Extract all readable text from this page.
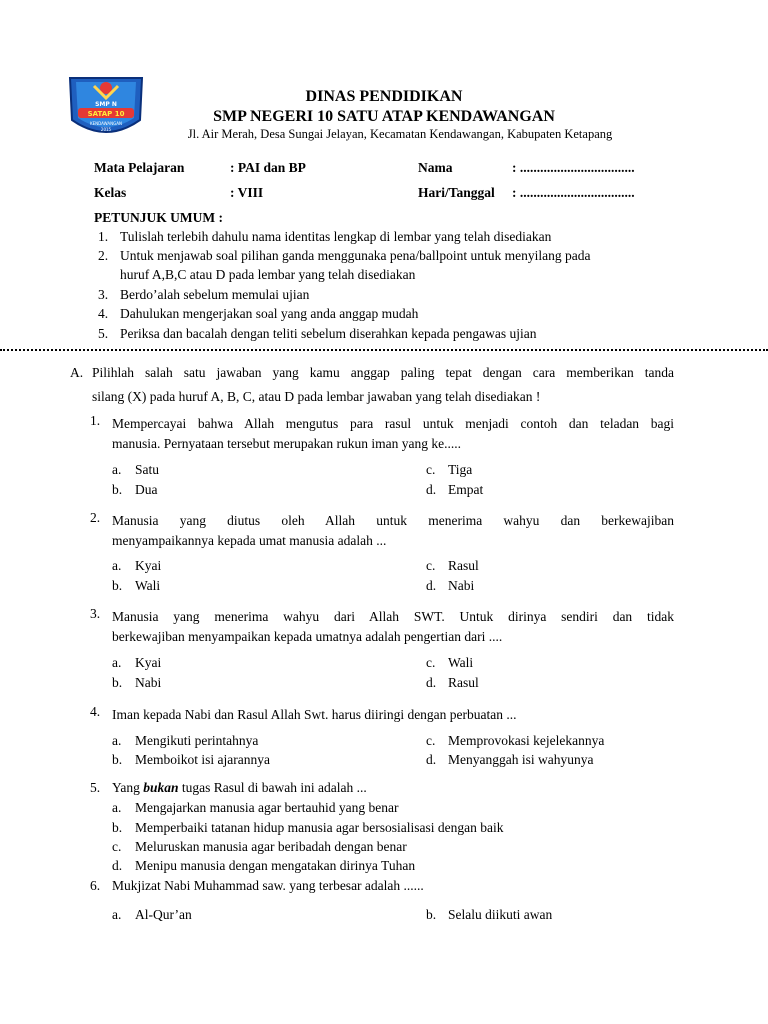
SMP N
SATAP 10
KENDAWANGAN
2015
DINAS PENDIDIKAN
SMP NEGERI 10 SATU ATAP KENDAWANGAN
Jl. Air Merah, Desa Sungai Jelayan, Kecamatan Kendawangan, Kabupaten Ketapang
Mata Pelajaran	: PAI dan BP	Nama	: ..................................
Kelas	: VIII	Hari/Tanggal : ..................................
PETUNJUK UMUM :
1. Tulislah terlebih dahulu nama identitas lengkap di lembar yang telah disediakan
2. Untuk menjawab soal pilihan ganda menggunaka pena/ballpoint untuk menyilang pada
huruf A,B,C atau D pada lembar yang telah disediakan
3. Berdo’alah sebelum memulai ujian
4. Dahulukan mengerjakan soal yang anda anggap mudah
5. Periksa dan bacalah dengan teliti sebelum diserahkan kepada pengawas ujian
A. Pilihlah salah satu jawaban yang kamu anggap paling tepat dengan cara memberikan tanda
silang (X) pada huruf A, B, C, atau D pada lembar jawaban yang telah disediakan !
1. Mempercayai bahwa Allah mengutus para rasul untuk menjadi contoh dan teladan bagi
manusia. Pernyataan tersebut merupakan rukun iman yang ke.....
a. Satu
b. Dua
c. Tiga
d. Empat
2. Manusia yang diutus oleh Allah untuk menerima wahyu dan berkewajiban
menyampaikannya kepada umat manusia adalah ...
a. Kyai
b. Wali
c. Rasul
d. Nabi
3. Manusia yang menerima wahyu dari Allah SWT. Untuk dirinya sendiri dan tidak
berkewajiban menyampaikan kepada umatnya adalah pengertian dari ....
a. Kyai
b. Nabi
c. Wali
d. Rasul
4. Iman kepada Nabi dan Rasul Allah Swt. harus diiringi dengan perbuatan ...
a. Mengikuti perintahnya
b. Memboikot isi ajarannya
c. Memprovokasi kejelekannya
d. Menyanggah isi wahyunya
5. Yang bukan tugas Rasul di bawah ini adalah ...
a. Mengajarkan manusia agar bertauhid yang benar
b. Memperbaiki tatanan hidup manusia agar bersosialisasi dengan baik
c. Meluruskan manusia agar beribadah dengan benar
d. Menipu manusia dengan mengatakan dirinya Tuhan
6. Mukjizat Nabi Muhammad saw. yang terbesar adalah ......
a. Al-Qur’an	b. Selalu diikuti awan
